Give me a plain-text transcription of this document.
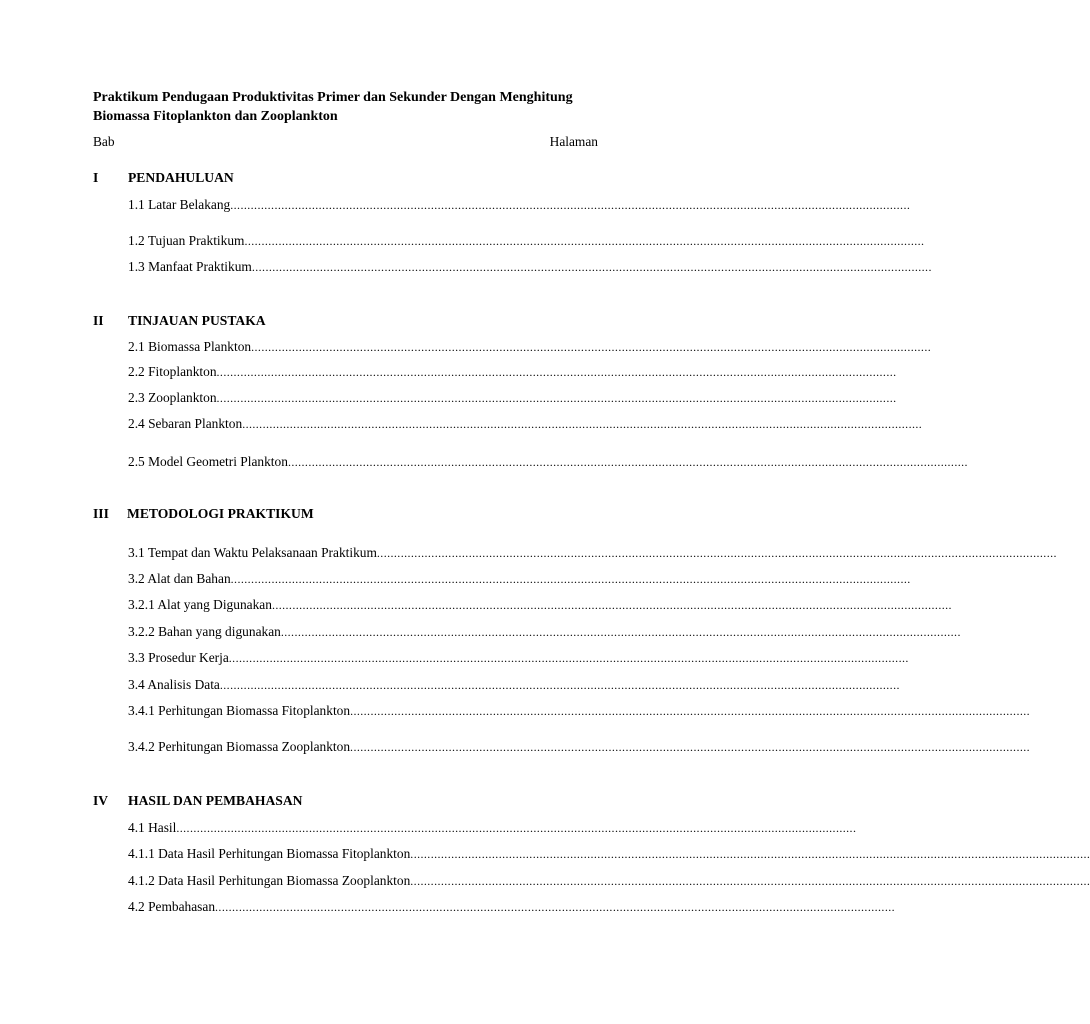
Praktikum Pendugaan Produktivitas Primer dan Sekunder Dengan Menghitung
Biomassa Fitoplankton dan Zooplankton
Bab	Halaman
I PENDAHULUAN
1.1 Latar Belakang ........................................................................................................................................................................................................
1.2 Tujuan Praktikum ........................................................................................................................................................................................................
1.3 Manfaat Praktikum ........................................................................................................................................................................................................
II TINJAUAN PUSTAKA
2.1 Biomassa Plankton ........................................................................................................................................................................................................
2.2 Fitoplankton ........................................................................................................................................................................................................
2.3 Zooplankton ........................................................................................................................................................................................................
2.4 Sebaran Plankton ........................................................................................................................................................................................................
2.5 Model Geometri Plankton ........................................................................................................................................................................................................
III METODOLOGI PRAKTIKUM
3.1 Tempat dan Waktu Pelaksanaan Praktikum ........................................................................................................................................................................................................
3.2 Alat dan Bahan ........................................................................................................................................................................................................
3.2.1 Alat yang Digunakan ........................................................................................................................................................................................................
3.2.2 Bahan yang digunakan ........................................................................................................................................................................................................
3.3 Prosedur Kerja ........................................................................................................................................................................................................
3.4 Analisis Data ........................................................................................................................................................................................................
3.4.1 Perhitungan Biomassa Fitoplankton ........................................................................................................................................................................................................
3.4.2 Perhitungan Biomassa Zooplankton ........................................................................................................................................................................................................
IV HASIL DAN PEMBAHASAN
4.1 Hasil ........................................................................................................................................................................................................
4.1.1 Data Hasil Perhitungan Biomassa Fitoplankton ........................................................................................................................................................................................................
4.1.2 Data Hasil Perhitungan Biomassa Zooplankton ........................................................................................................................................................................................................
4.2 Pembahasan ........................................................................................................................................................................................................
